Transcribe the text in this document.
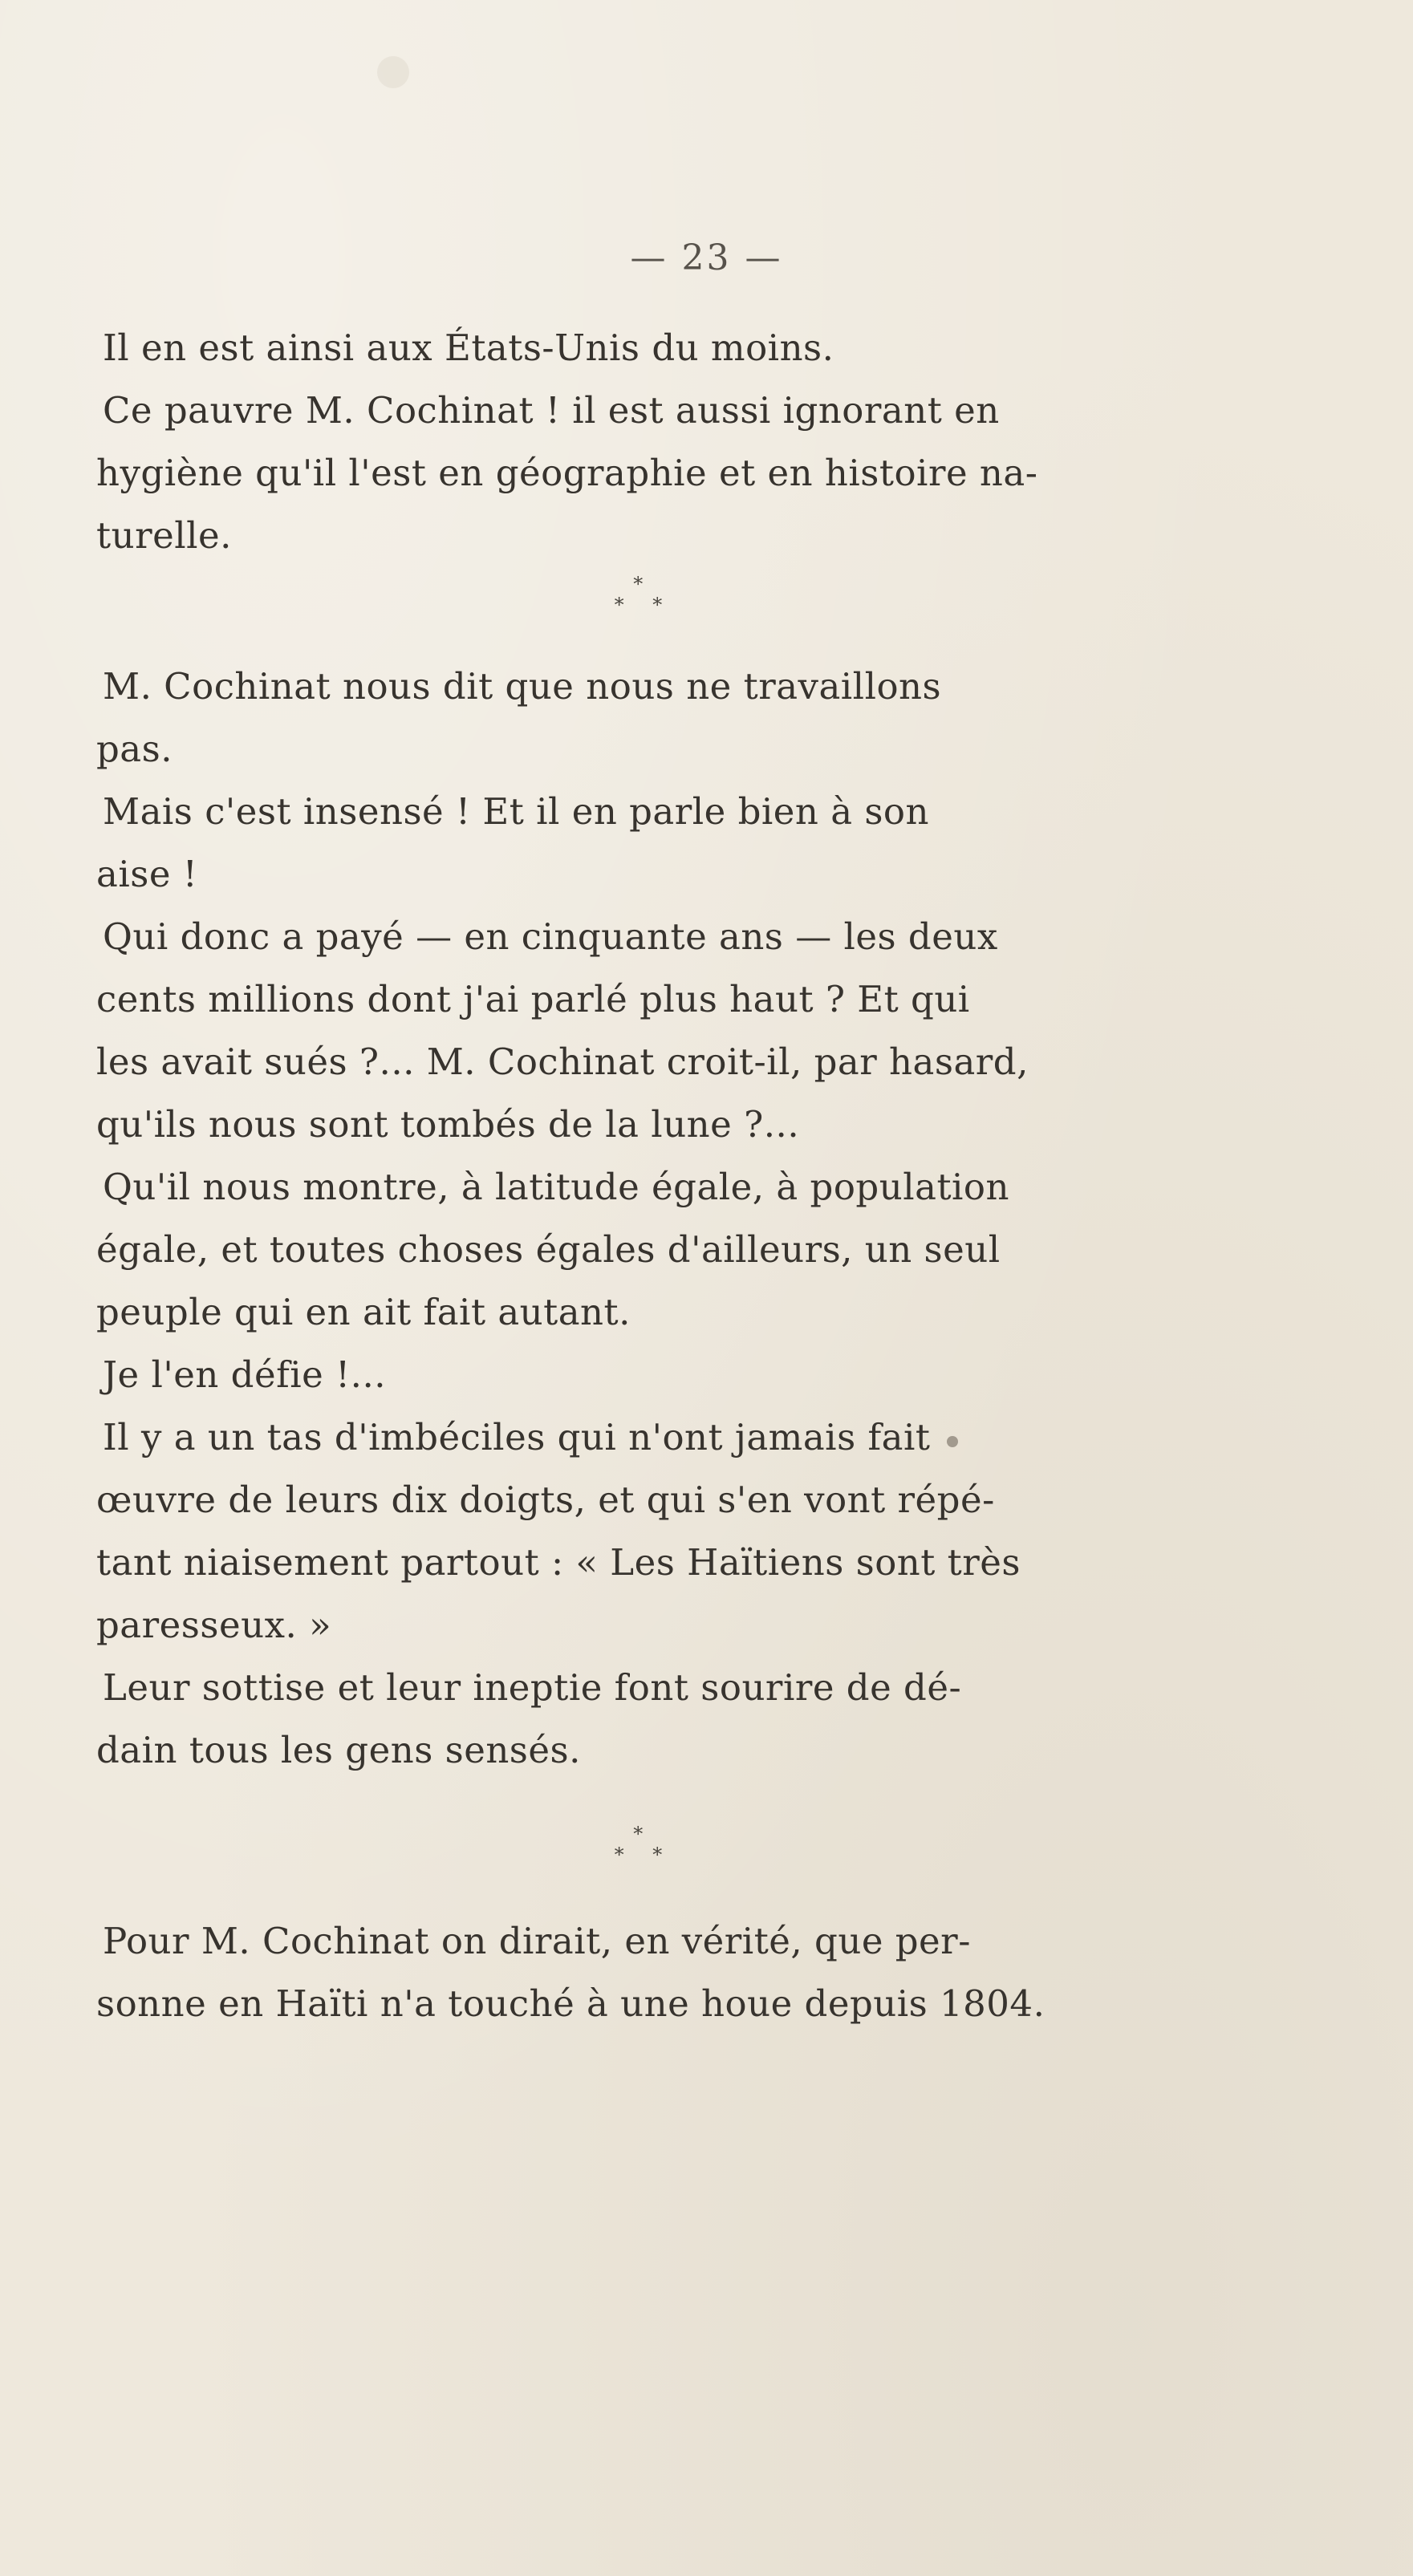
— 23 —

Il en est ainsi aux États-Unis du moins.

Ce pauvre M. Cochinat ! il est aussi ignorant en
hygiène qu'il l'est en géographie et en histoire na-
turelle.

*
* *

M. Cochinat nous dit que nous ne travaillons
pas.

Mais c'est insensé ! Et il en parle bien à son
aise !

Qui donc a payé — en cinquante ans — les deux
cents millions dont j'ai parlé plus haut ? Et qui
les avait sués ?... M. Cochinat croit-il, par hasard,
qu'ils nous sont tombés de la lune ?...

Qu'il nous montre, à latitude égale, à population
égale, et toutes choses égales d'ailleurs, un seul
peuple qui en ait fait autant.

Je l'en défie !...

Il y a un tas d'imbéciles qui n'ont jamais fait
œuvre de leurs dix doigts, et qui s'en vont répé-
tant niaisement partout : « Les Haïtiens sont très
paresseux. »

Leur sottise et leur ineptie font sourire de dé-
dain tous les gens sensés.

*
* *

Pour M. Cochinat on dirait, en vérité, que per-
sonne en Haïti n'a touché à une houe depuis 1804.
